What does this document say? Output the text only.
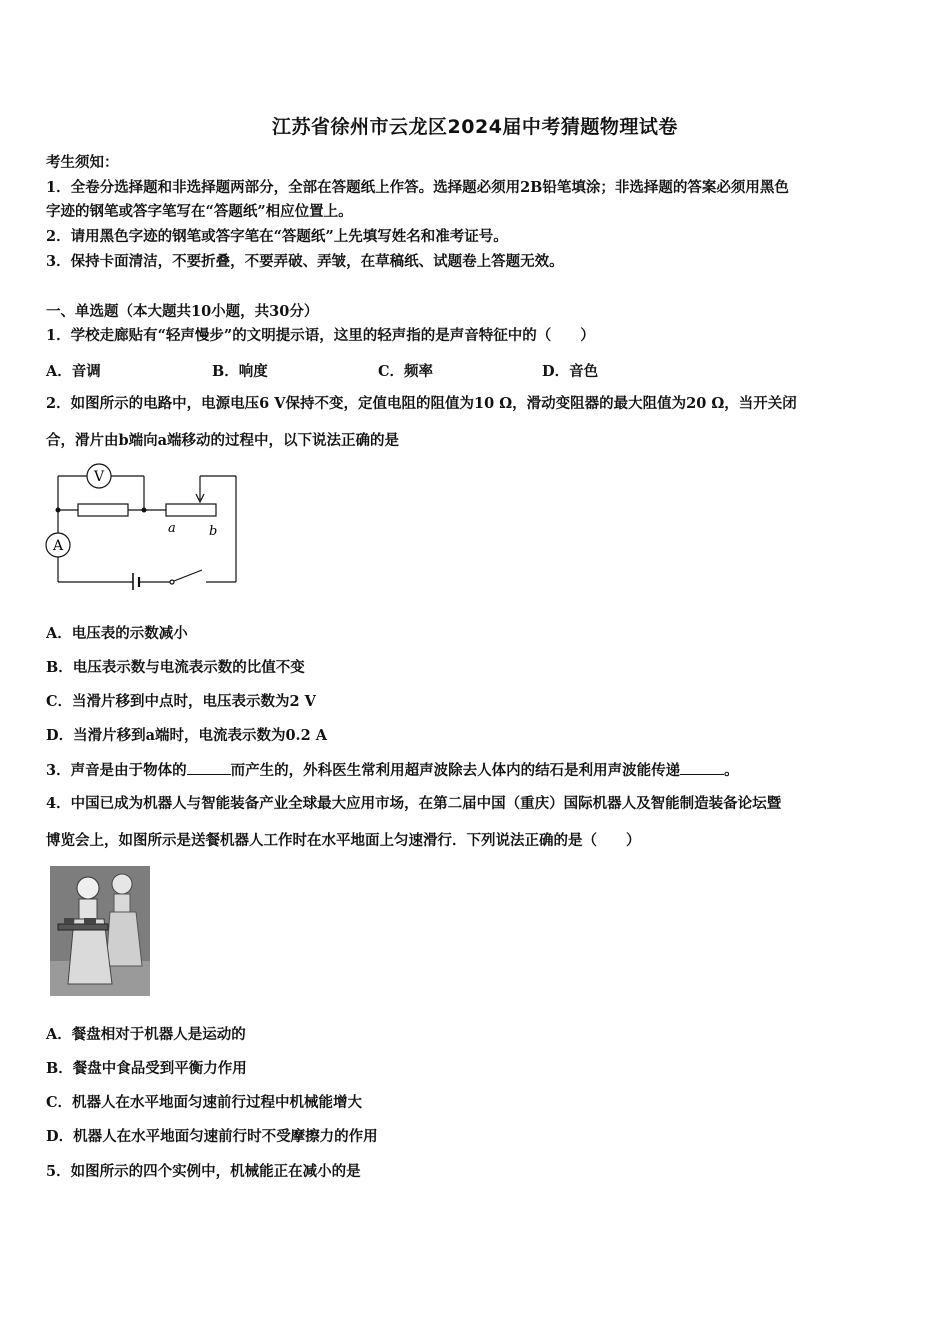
江苏省徐州市云龙区2024届中考猜题物理试卷
考生须知：
1．全卷分选择题和非选择题两部分，全部在答题纸上作答。选择题必须用2B铅笔填涂；非选择题的答案必须用黑色
字迹的钢笔或答字笔写在“答题纸”相应位置上。
2．请用黑色字迹的钢笔或答字笔在“答题纸”上先填写姓名和准考证号。
3．保持卡面清洁，不要折叠，不要弄破、弄皱，在草稿纸、试题卷上答题无效。
一、单选题（本大题共10小题，共30分）
1．学校走廊贴有“轻声慢步”的文明提示语，这里的轻声指的是声音特征中的（　　）
A．音调	B．响度	C．频率	D．音色
2．如图所示的电路中，电源电压6 V保持不变，定值电阻的阻值为10 Ω，滑动变阻器的最大阻值为20 Ω，当开关闭
合，滑片由b端向a端移动的过程中，以下说法正确的是
V
A
a	b
A．电压表的示数减小
B．电压表示数与电流表示数的比值不变
C．当滑片移到中点时，电压表示数为2 V
D．当滑片移到a端时，电流表示数为0.2 A
3．声音是由于物体的	而产生的，外科医生常利用超声波除去人体内的结石是利用声波能传递	。
4．中国已成为机器人与智能装备产业全球最大应用市场，在第二届中国（重庆）国际机器人及智能制造装备论坛暨
博览会上，如图所示是送餐机器人工作时在水平地面上匀速滑行．下列说法正确的是（　　）
A．餐盘相对于机器人是运动的
B．餐盘中食品受到平衡力作用
C．机器人在水平地面匀速前行过程中机械能增大
D．机器人在水平地面匀速前行时不受摩擦力的作用
5．如图所示的四个实例中，机械能正在减小的是
